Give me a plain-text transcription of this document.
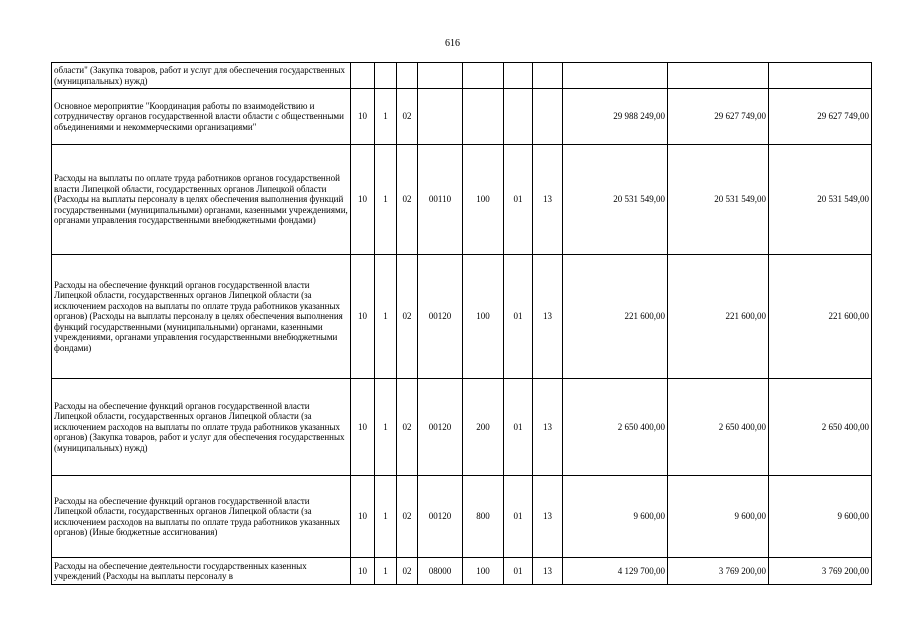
616
области" (Закупка товаров, работ и услуг для обеспечения государственных (муниципальных) нужд)										
Основное мероприятие "Координация работы по взаимодействию и сотрудничеству органов государственной власти области с общественными объединениями и некоммерческими организациями"	10	1	02					29 988 249,00	29 627 749,00	29 627 749,00
Расходы на выплаты по оплате труда работников органов государственной власти Липецкой области, государственных органов Липецкой области (Расходы на выплаты персоналу в целях обеспечения выполнения функций государственными (муниципальными) органами, казенными учреждениями, органами управления государственными внебюджетными фондами)	10	1	02	00110	100	01	13	20 531 549,00	20 531 549,00	20 531 549,00
Расходы на обеспечение функций органов государственной власти Липецкой области, государственных органов Липецкой области (за исключением расходов на выплаты по оплате труда работников указанных органов) (Расходы на выплаты персоналу в целях обеспечения выполнения функций государственными (муниципальными) органами, казенными учреждениями, органами управления государственными внебюджетными фондами)	10	1	02	00120	100	01	13	221 600,00	221 600,00	221 600,00
Расходы на обеспечение функций органов государственной власти Липецкой области, государственных органов Липецкой области (за исключением расходов на выплаты по оплате труда работников указанных органов) (Закупка товаров, работ и услуг для обеспечения государственных (муниципальных) нужд)	10	1	02	00120	200	01	13	2 650 400,00	2 650 400,00	2 650 400,00
Расходы на обеспечение функций органов государственной власти Липецкой области, государственных органов Липецкой области (за исключением расходов на выплаты по оплате труда работников указанных органов) (Иные бюджетные ассигнования)	10	1	02	00120	800	01	13	9 600,00	9 600,00	9 600,00
Расходы на обеспечение деятельности государственных казенных учреждений (Расходы на выплаты персоналу в	10	1	02	08000	100	01	13	4 129 700,00	3 769 200,00	3 769 200,00
